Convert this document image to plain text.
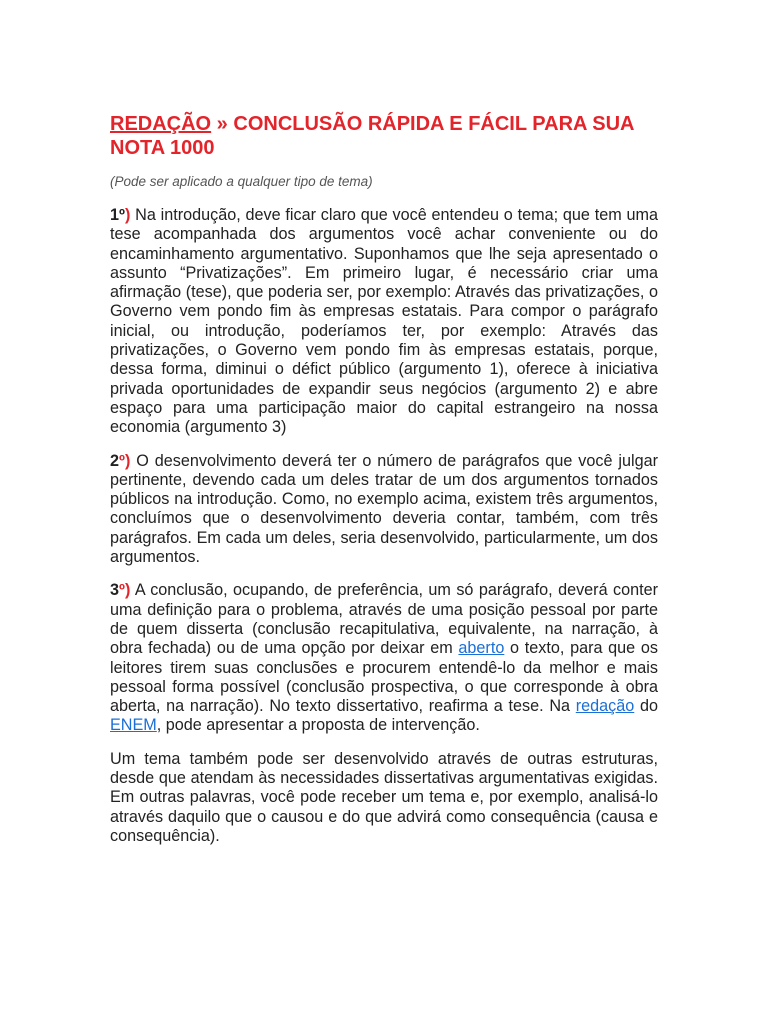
REDAÇÃO » CONCLUSÃO RÁPIDA E FÁCIL PARA SUA NOTA 1000

(Pode ser aplicado a qualquer tipo de tema)

1º) Na introdução, deve ficar claro que você entendeu o tema; que tem uma tese acompanhada dos argumentos você achar conveniente ou do encaminhamento argumentativo. Suponhamos que lhe seja apresentado o assunto “Privatizações”. Em primeiro lugar, é necessário criar uma afirmação (tese), que poderia ser, por exemplo: Através das privatizações, o Governo vem pondo fim às empresas estatais. Para compor o parágrafo inicial, ou introdução, poderíamos ter, por exemplo: Através das privatizações, o Governo vem pondo fim às empresas estatais, porque, dessa forma, diminui o défict público (argumento 1), oferece à iniciativa privada oportunidades de expandir seus negócios (argumento 2) e abre espaço para uma participação maior do capital estrangeiro na nossa economia (argumento 3)

2º) O desenvolvimento deverá ter o número de parágrafos que você julgar pertinente, devendo cada um deles tratar de um dos argumentos tornados públicos na introdução. Como, no exemplo acima, existem três argumentos, concluímos que o desenvolvimento deveria contar, também, com três parágrafos. Em cada um deles, seria desenvolvido, particularmente, um dos argumentos.

3º) A conclusão, ocupando, de preferência, um só parágrafo, deverá conter uma definição para o problema, através de uma posição pessoal por parte de quem disserta (conclusão recapitulativa, equivalente, na narração, à obra fechada) ou de uma opção por deixar em aberto o texto, para que os leitores tirem suas conclusões e procurem entendê-lo da melhor e mais pessoal forma possível (conclusão prospectiva, o que corresponde à obra aberta, na narração). No texto dissertativo, reafirma a tese. Na redação do ENEM, pode apresentar a proposta de intervenção.

Um tema também pode ser desenvolvido através de outras estruturas, desde que atendam às necessidades dissertativas argumentativas exigidas. Em outras palavras, você pode receber um tema e, por exemplo, analisá-lo através daquilo que o causou e do que advirá como consequência (causa e consequência).
